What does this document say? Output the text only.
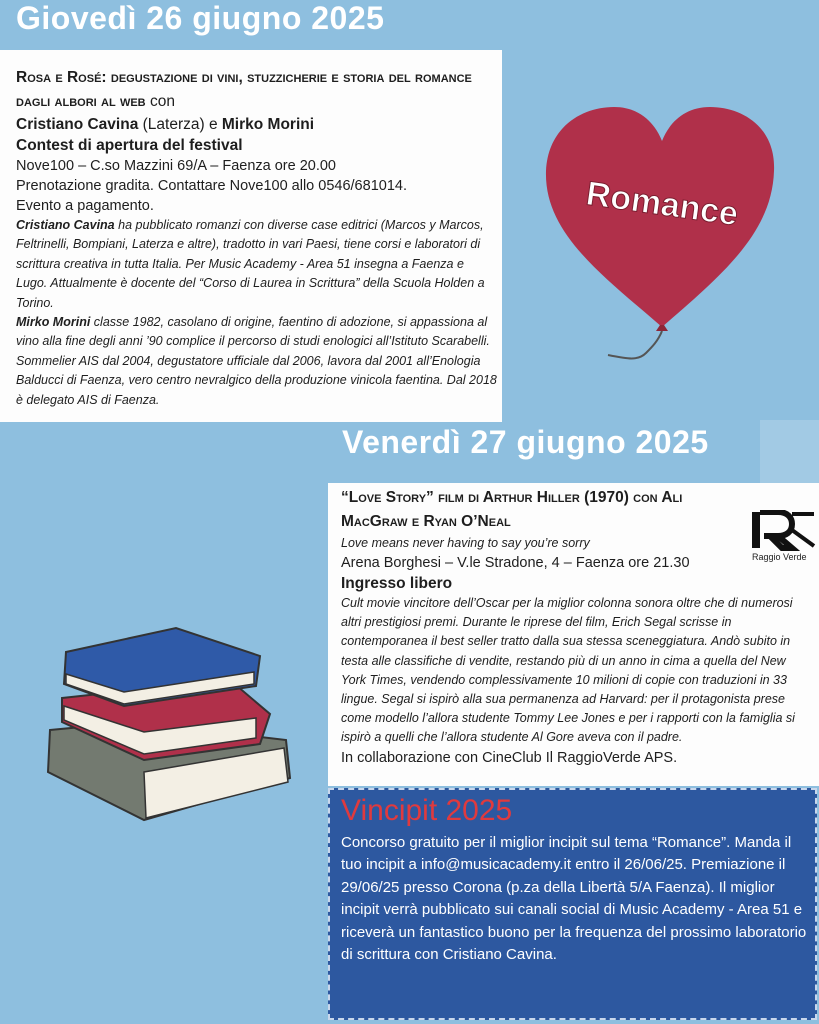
Giovedì 26 giugno 2025
Rosa e Rosé: degustazione di vini, stuzzicherie e storia del romance dagli albori al web con
Cristiano Cavina (Laterza) e Mirko Morini
Contest di apertura del festival
Nove100 – C.so Mazzini 69/A – Faenza ore 20.00
Prenotazione gradita. Contattare Nove100 allo 0546/681014.
Evento a pagamento.
Cristiano Cavina ha pubblicato romanzi con diverse case editrici (Marcos y Marcos, Feltrinelli, Bompiani, Laterza e altre), tradotto in vari Paesi, tiene corsi e laboratori di scrittura creativa in tutta Italia. Per Music Academy - Area 51 insegna a Faenza e Lugo. Attualmente è docente del “Corso di Laurea in Scrittura” della Scuola Holden a Torino.
Mirko Morini classe 1982, casolano di origine, faentino di adozione, si appassiona al vino alla fine degli anni ’90 complice il percorso di studi enologici all’Istituto Scarabelli. Sommelier AIS dal 2004, degustatore ufficiale dal 2006, lavora dal 2001 all’Enologia Balducci di Faenza, vero centro nevralgico della produzione vinicola faentina. Dal 2018 è delegato AIS di Faenza.
Romance
Venerdì 27 giugno 2025
“Love Story” film di Arthur Hiller (1970) con Ali MacGraw e Ryan O’Neal
Love means never having to say you’re sorry
Arena Borghesi – V.le Stradone, 4 – Faenza ore 21.30
Ingresso libero
Cult movie vincitore dell’Oscar per la miglior colonna sonora oltre che di numerosi altri prestigiosi premi. Durante le riprese del film, Erich Segal scrisse in contemporanea il best seller tratto dalla sua stessa sceneggiatura. Andò subito in testa alle classifiche di vendite, restando più di un anno in cima a quella del New York Times, vendendo complessivamente 10 milioni di copie con traduzioni in 33 lingue. Segal si ispirò alla sua permanenza ad Harvard: per il protagonista prese come modello l’allora studente Tommy Lee Jones e per i rapporti con la famiglia si ispirò a quelli che l’allora studente Al Gore aveva con il padre.
In collaborazione con CineClub Il RaggioVerde APS.
Raggio Verde
Vincipit 2025
Concorso gratuito per il miglior incipit sul tema “Romance”. Manda il tuo incipit a info@musicacademy.it entro il 26/06/25. Premiazione il 29/06/25 presso Corona (p.za della Libertà 5/A Faenza). Il miglior incipit verrà pubblicato sui canali social di Music Academy - Area 51 e riceverà un fantastico buono per la frequenza del prossimo laboratorio di scrittura con Cristiano Cavina.
